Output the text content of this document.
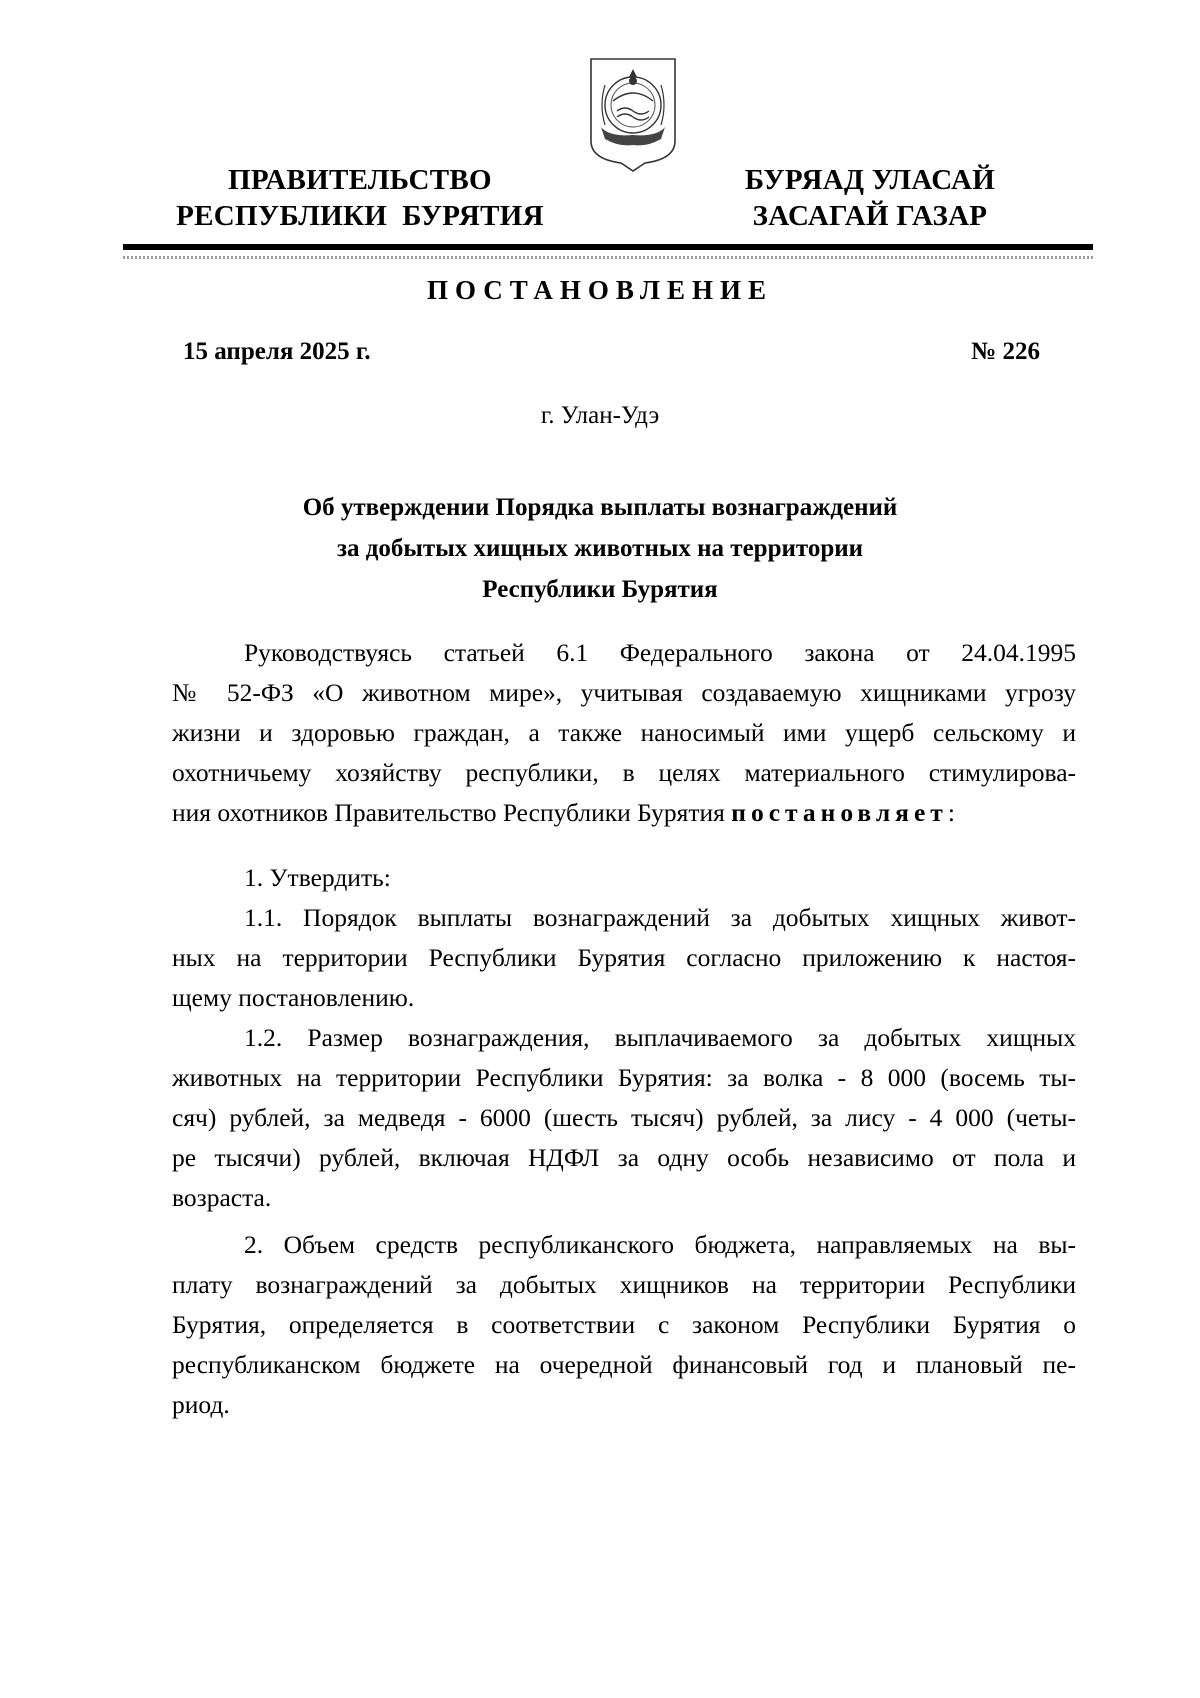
ПРАВИТЕЛЬСТВО
РЕСПУБЛИКИ  БУРЯТИЯ
БУРЯАД УЛАСАЙ
ЗАСАГАЙ ГАЗАР
ПОСТАНОВЛЕНИЕ
15 апреля 2025 г.	№ 226
г. Улан-Удэ
Об утверждении Порядка выплаты вознаграждений
за добытых хищных животных на территории
Республики Бурятия
Руководствуясь статьей 6.1 Федерального закона от 24.04.1995
№ 52-ФЗ «О животном мире», учитывая создаваемую хищниками угрозу
жизни и здоровью граждан, а также наносимый ими ущерб сельскому и
охотничьему хозяйству республики, в целях материального стимулирова-
ния охотников Правительство Республики Бурятия постановляет:
1. Утвердить:
1.1. Порядок выплаты вознаграждений за добытых хищных живот-
ных на территории Республики Бурятия согласно приложению к настоя-
щему постановлению.
1.2. Размер вознаграждения, выплачиваемого за добытых хищных
животных на территории Республики Бурятия: за волка - 8 000 (восемь ты-
сяч) рублей, за медведя - 6000 (шесть тысяч) рублей, за лису - 4 000 (четы-
ре тысячи) рублей, включая НДФЛ за одну особь независимо от пола и
возраста.
2. Объем средств республиканского бюджета, направляемых на вы-
плату вознаграждений за добытых хищников на территории Республики
Бурятия, определяется в соответствии с законом Республики Бурятия о
республиканском бюджете на очередной финансовый год и плановый пе-
риод.
